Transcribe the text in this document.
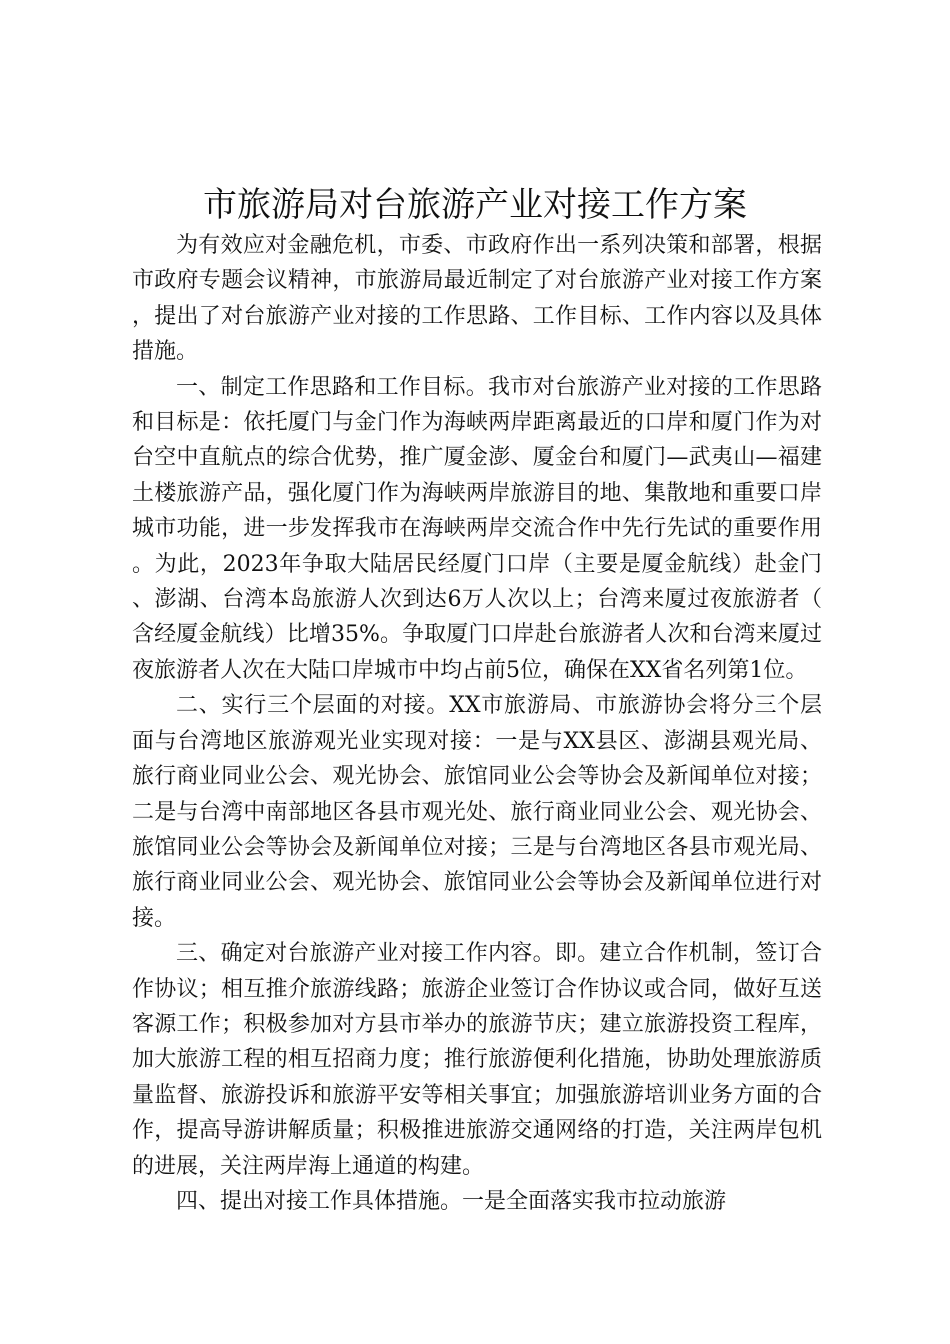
市旅游局对台旅游产业对接工作方案

为有效应对金融危机，市委、市政府作出一系列决策和部署，根据市政府专题会议精神，市旅游局最近制定了对台旅游产业对接工作方案，提出了对台旅游产业对接的工作思路、工作目标、工作内容以及具体措施。

一、制定工作思路和工作目标。我市对台旅游产业对接的工作思路和目标是：依托厦门与金门作为海峡两岸距离最近的口岸和厦门作为对台空中直航点的综合优势，推广厦金澎、厦金台和厦门—武夷山—福建土楼旅游产品，强化厦门作为海峡两岸旅游目的地、集散地和重要口岸城市功能，进一步发挥我市在海峡两岸交流合作中先行先试的重要作用。为此，2023年争取大陆居民经厦门口岸（主要是厦金航线）赴金门、澎湖、台湾本岛旅游人次到达6万人次以上；台湾来厦过夜旅游者（含经厦金航线）比增35%。争取厦门口岸赴台旅游者人次和台湾来厦过夜旅游者人次在大陆口岸城市中均占前5位，确保在XX省名列第1位。

二、实行三个层面的对接。XX市旅游局、市旅游协会将分三个层面与台湾地区旅游观光业实现对接：一是与XX县区、澎湖县观光局、旅行商业同业公会、观光协会、旅馆同业公会等协会及新闻单位对接；二是与台湾中南部地区各县市观光处、旅行商业同业公会、观光协会、旅馆同业公会等协会及新闻单位对接；三是与台湾地区各县市观光局、旅行商业同业公会、观光协会、旅馆同业公会等协会及新闻单位进行对接。

三、确定对台旅游产业对接工作内容。即。建立合作机制，签订合作协议；相互推介旅游线路；旅游企业签订合作协议或合同，做好互送客源工作；积极参加对方县市举办的旅游节庆；建立旅游投资工程库，加大旅游工程的相互招商力度；推行旅游便利化措施，协助处理旅游质量监督、旅游投诉和旅游平安等相关事宜；加强旅游培训业务方面的合作，提高导游讲解质量；积极推进旅游交通网络的打造，关注两岸包机的进展，关注两岸海上通道的构建。

四、提出对接工作具体措施。一是全面落实我市拉动旅游
